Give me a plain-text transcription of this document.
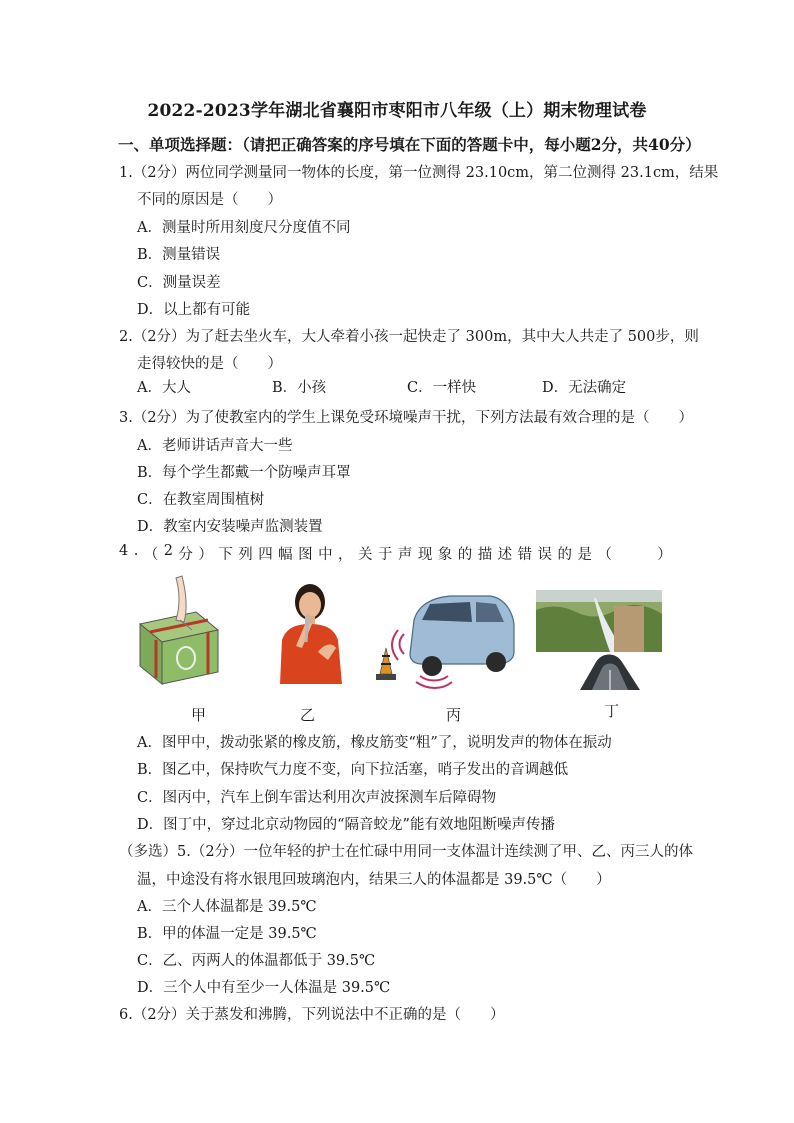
2022-2023学年湖北省襄阳市枣阳市八年级（上）期末物理试卷
一、单项选择题：（请把正确答案的序号填在下面的答题卡中，每小题2分，共40分）
1.（2分）两位同学测量同一物体的长度，第一位测得 23.10cm，第二位测得 23.1cm，结果
不同的原因是（　　）
A．测量时所用刻度尺分度值不同
B．测量错误
C．测量误差
D．以上都有可能
2.（2分）为了赶去坐火车，大人牵着小孩一起快走了 300m，其中大人共走了 500步，则
走得较快的是（　　）
A．大人	B．小孩	C．一样快	D．无法确定
3.（2分）为了使教室内的学生上课免受环境噪声干扰，下列方法最有效合理的是（　　）
A．老师讲话声音大一些
B．每个学生都戴一个防噪声耳罩
C．在教室周围植树
D．教室内安装噪声监测装置
4 . （ 2 分 ） 下 列 四 幅 图 中 ， 关 于 声 现 象 的 描 述 错 误 的 是 （

　	）
甲	乙	丙	丁
A．图甲中，拨动张紧的橡皮筋，橡皮筋变“粗”了，说明发声的物体在振动
B．图乙中，保持吹气力度不变，向下拉活塞，哨子发出的音调越低
C．图丙中，汽车上倒车雷达利用次声波探测车后障碍物
D．图丁中，穿过北京动物园的“隔音蛟龙”能有效地阻断噪声传播
（多选）5.（2分）一位年轻的护士在忙碌中用同一支体温计连续测了甲、乙、丙三人的体
温，中途没有将水银甩回玻璃泡内，结果三人的体温都是 39.5℃（　　）
A．三个人体温都是 39.5℃
B．甲的体温一定是 39.5℃
C．乙、丙两人的体温都低于 39.5℃
D．三个人中有至少一人体温是 39.5℃
6.（2分）关于蒸发和沸腾，下列说法中不正确的是（　　）
